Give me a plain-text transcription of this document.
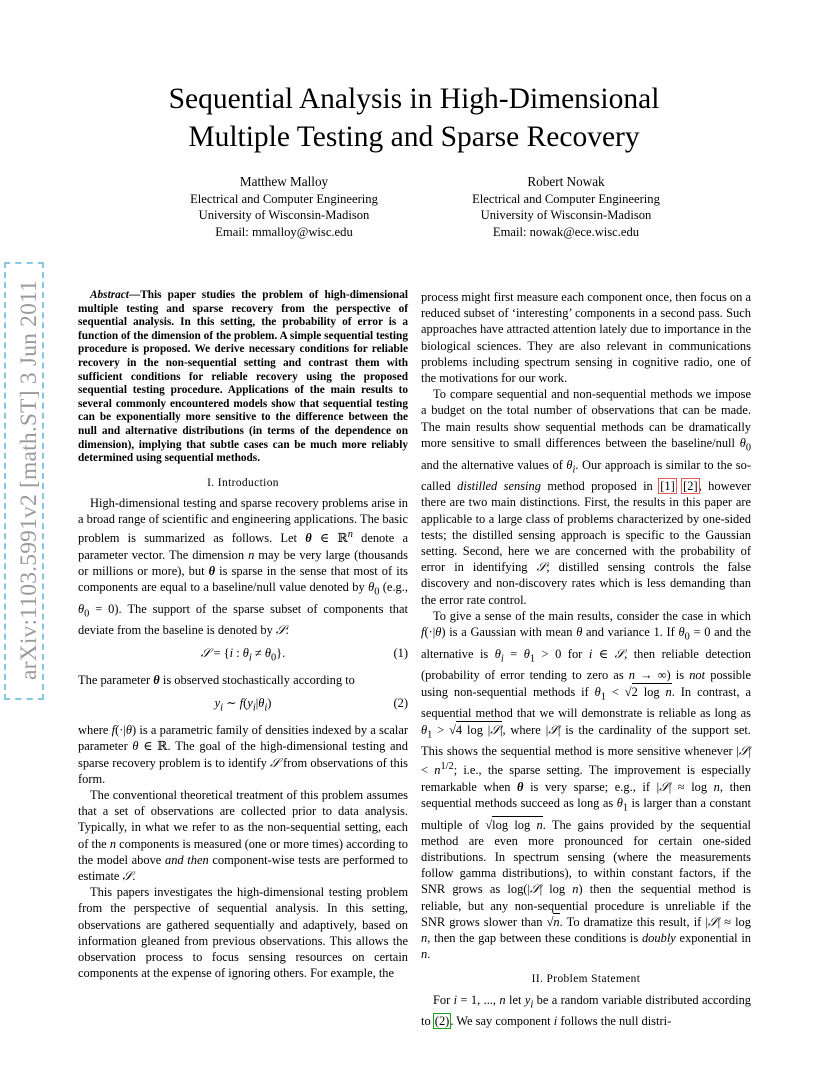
Sequential Analysis in High-Dimensional
Multiple Testing and Sparse Recovery
Matthew Malloy
Electrical and Computer Engineering
University of Wisconsin-Madison
Email: mmalloy@wisc.edu
Robert Nowak
Electrical and Computer Engineering
University of Wisconsin-Madison
Email: nowak@ece.wisc.edu
arXiv:1103.5991v2 [math.ST] 3 Jun 2011	Abstract—This paper studies the problem of high-dimensional multiple testing and sparse recovery from the perspective of sequential analysis. In this setting, the probability of error is a function of the dimension of the problem. A simple sequential testing procedure is proposed. We derive necessary conditions for reliable recovery in the non-sequential setting and contrast them with sufficient conditions for reliable recovery using the proposed sequential testing procedure. Applications of the main results to several commonly encountered models show that sequential testing can be exponentially more sensitive to the difference between the null and alternative distributions (in terms of the dependence on dimension), implying that subtle cases can be much more reliably determined using sequential methods.

I. Introduction

High-dimensional testing and sparse recovery problems arise in a broad range of scientific and engineering applications. The basic problem is summarized as follows. Let θ ∈ ℝ$^n$ denote a parameter vector. The dimension n may be very large (thousands or millions or more), but θ is sparse in the sense that most of its components are equal to a baseline/null value denoted by $\theta_0$ (e.g., $\theta_0 = 0$). The support of the sparse subset of components that deviate from the baseline is denoted by 𝒮:

𝒮 = {i : $\theta_i \ne \theta_0$}.	(1)

The parameter θ is observed stochastically according to

$y_i$ ∼ $f(y_i|\theta_i)$	(2)

where f(·|θ) is a parametric family of densities indexed by a scalar parameter θ ∈ ℝ. The goal of the high-dimensional testing and sparse recovery problem is to identify 𝒮 from observations of this form.

The conventional theoretical treatment of this problem assumes that a set of observations are collected prior to data analysis. Typically, in what we refer to as the non-sequential setting, each of the n components is measured (one or more times) according to the model above and then component-wise tests are performed to estimate 𝒮.

This papers investigates the high-dimensional testing problem from the perspective of sequential analysis. In this setting, observations are gathered sequentially and adaptively, based on information gleaned from previous observations. This allows the observation process to focus sensing resources on certain components at the expense of ignoring others. For example, the

process might first measure each component once, then focus on a reduced subset of ‘interesting’ components in a second pass. Such approaches have attracted attention lately due to importance in the biological sciences. They are also relevant in communications problems including spectrum sensing in cognitive radio, one of the motivations for our work.

To compare sequential and non-sequential methods we impose a budget on the total number of observations that can be made. The main results show sequential methods can be dramatically more sensitive to small differences between the baseline/null $\theta_0$ and the alternative values of $\theta_i$. Our approach is similar to the so-called distilled sensing method proposed in [1] [2], however there are two main distinctions. First, the results in this paper are applicable to a large class of problems characterized by one-sided tests; the distilled sensing approach is specific to the Gaussian setting. Second, here we are concerned with the probability of error in identifying 𝒮; distilled sensing controls the false discovery and non-discovery rates which is less demanding than the error rate control.

To give a sense of the main results, consider the case in which f(·|θ) is a Gaussian with mean θ and variance 1. If $\theta_0 = 0$ and the alternative is $\theta_i = \theta_1 > 0$ for i ∈ 𝒮, then reliable detection (probability of error tending to zero as n → ∞) is not possible using non-sequential methods if $\theta_1 < √2$ log n. In contrast, a sequential method that we will demonstrate is reliable as long as $\theta_1 > √4$ log |𝒮|, where |𝒮| is the cardinality of the support set. This shows the sequential method is more sensitive whenever |𝒮| < $n^{1/2}$; i.e., the sparse setting. The improvement is especially remarkable when θ is very sparse; e.g., if |𝒮| ≈ log n, then sequential methods succeed as long as $\theta_1$ is larger than a constant multiple of √log log n. The gains provided by the sequential method are even more pronounced for certain one-sided distributions. In spectrum sensing (where the measurements follow gamma distributions), to within constant factors, if the SNR grows as log(|𝒮| log n) then the sequential method is reliable, but any non-sequential procedure is unreliable if the SNR grows slower than √n. To dramatize this result, if |𝒮| ≈ log n, then the gap between these conditions is doubly exponential in n.

II. Problem Statement

For i = 1, ..., n let $y_i$ be a random variable distributed according to (2). We say component i follows the null distri-
